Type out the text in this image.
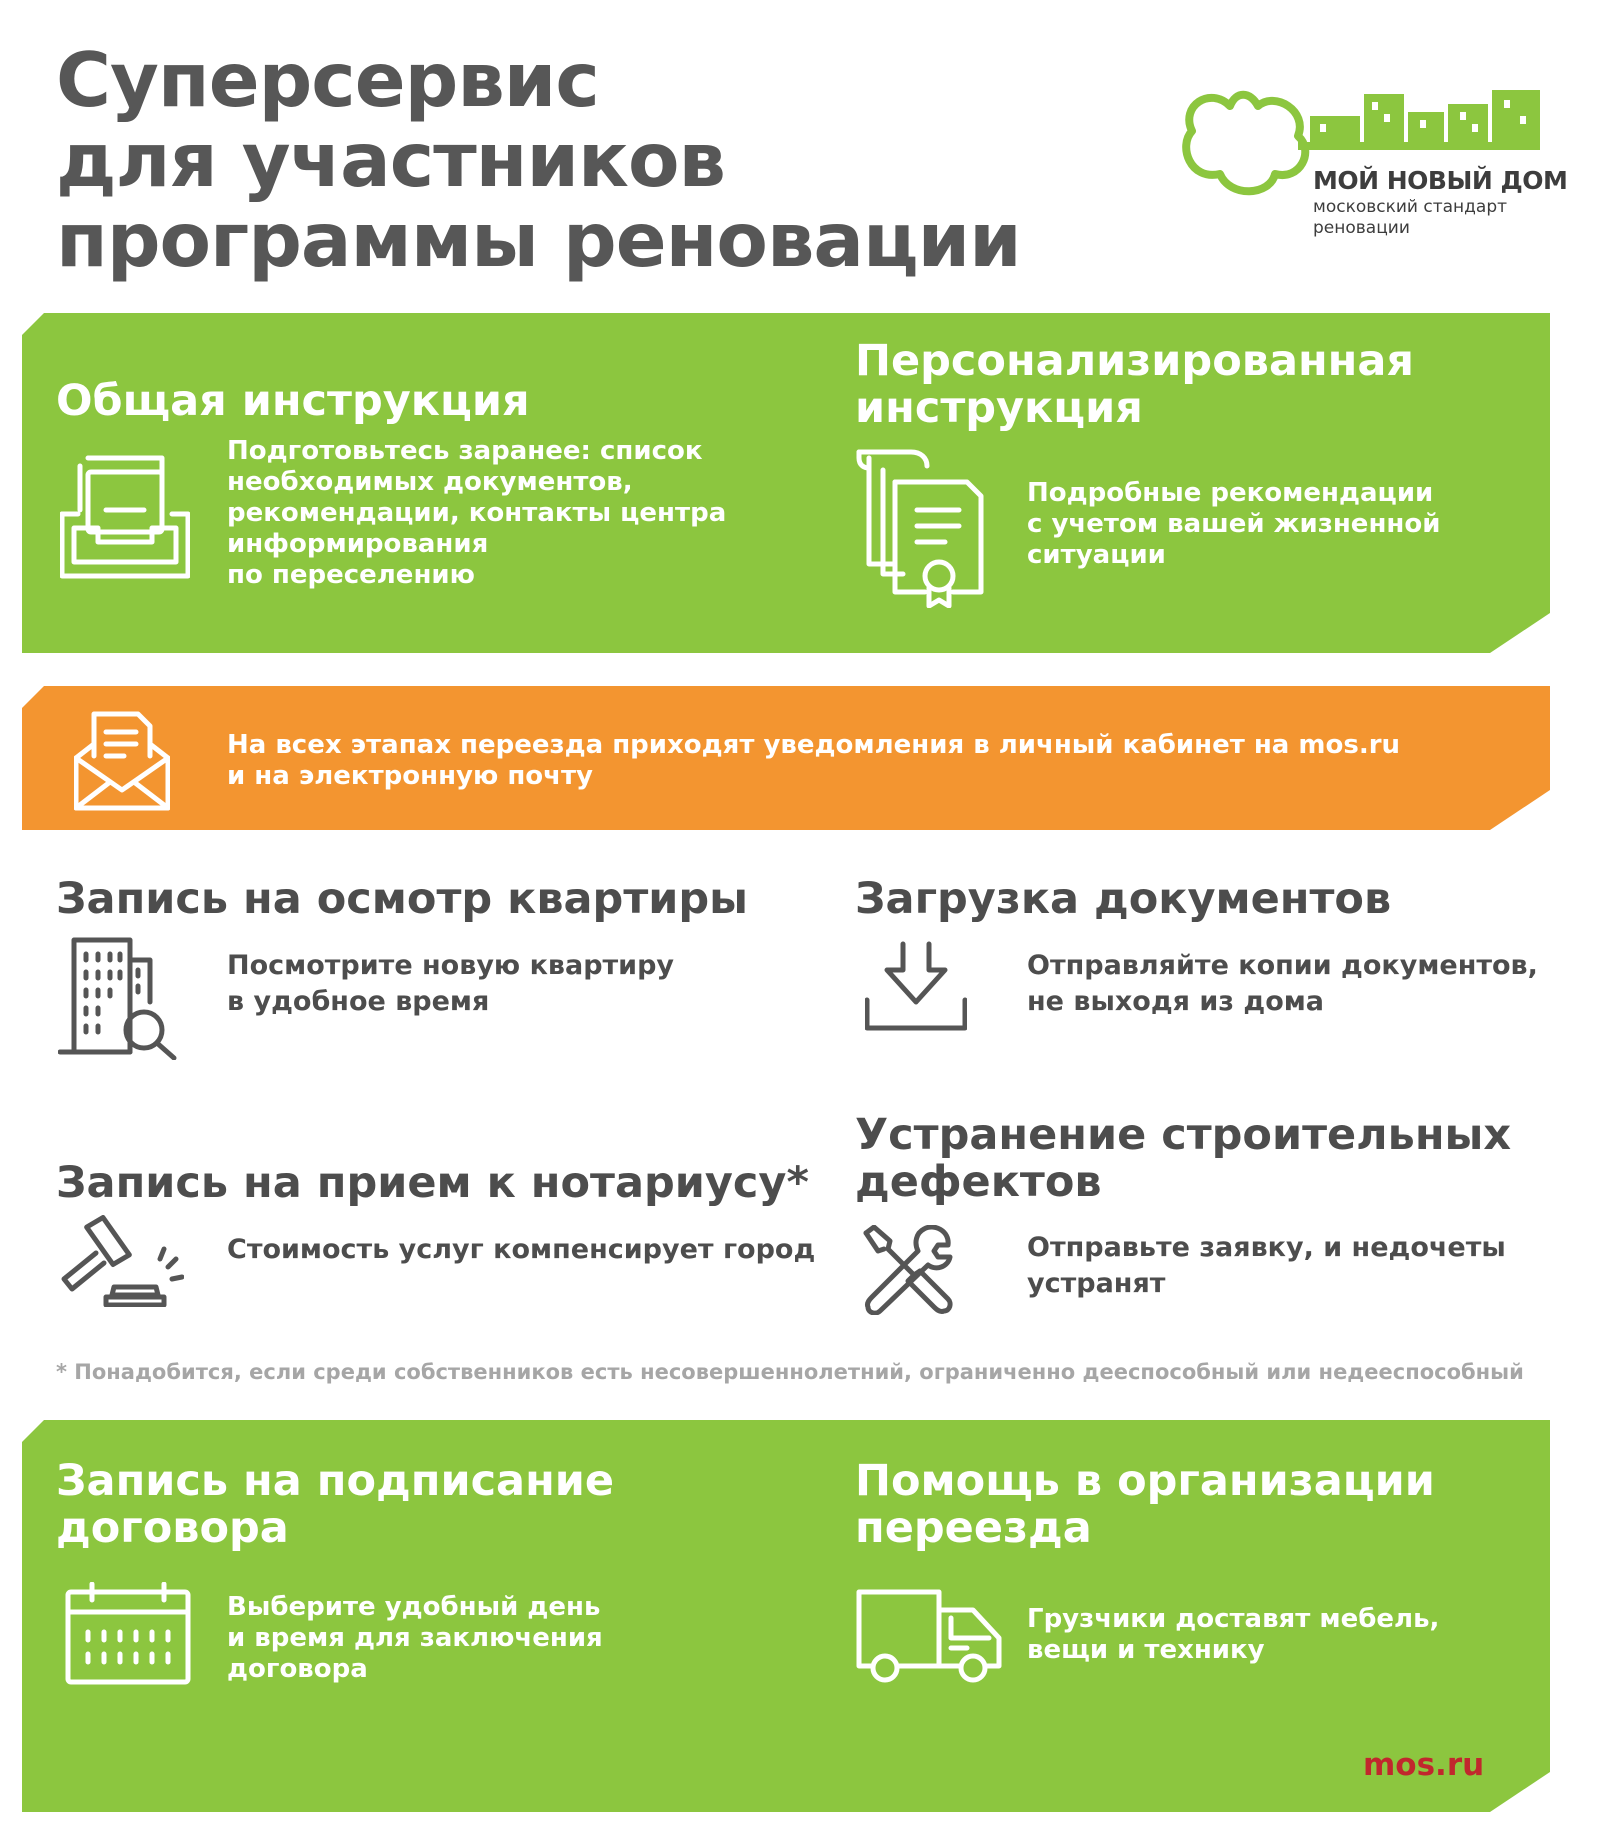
Суперсервис
для участников
программы реновации
МОЙ НОВЫЙ ДОМ
московский стандарт
реновации
Общая инструкция
Подготовьтесь заранее: список
необходимых документов,
рекомендации, контакты центра
информирования
по переселению
Персонализированная
инструкция
Подробные рекомендации
с учетом вашей жизненной
ситуации
На всех этапах переезда приходят уведомления в личный кабинет на mos.ru
и на электронную почту
Запись на осмотр квартиры
Посмотрите новую квартиру
в удобное время
Загрузка документов
Отправляйте копии документов,
не выходя из дома
Запись на прием к нотариусу*
Стоимость услуг компенсирует город
Устранение строительных
дефектов
Отправьте заявку, и недочеты
устранят
* Понадобится, если среди собственников есть несовершеннолетний, ограниченно дееспособный или недееспособный
Запись на подписание
договора
Выберите удобный день
и время для заключения
договора
Помощь в организации
переезда
Грузчики доставят мебель,
вещи и технику
mos.ru
